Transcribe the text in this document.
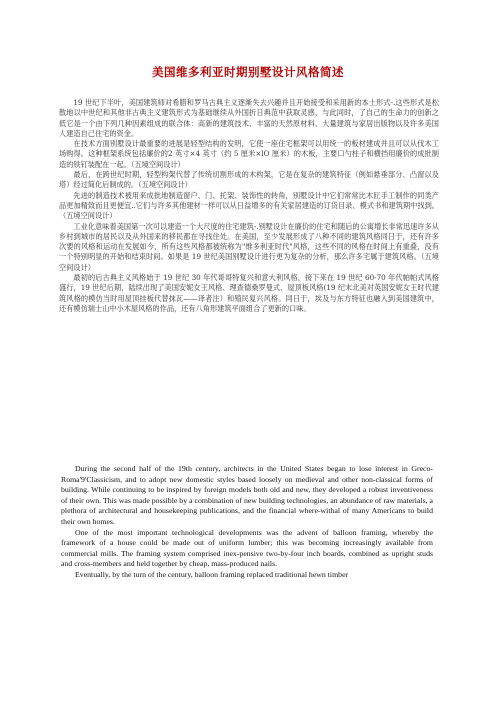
美国维多利亚时期别墅设计风格简述

19 世纪下半叶，美国建筑师对希腊和罗马古典主义逐渐失去兴趣并且开始接受和采用新的本土形式-.这些形式是松散地以中世纪和其他非古典主义建筑形式为基础继续从外国折日典范中获取灵感，与此同时，了自己的生命力的创新之低它是一个由下列几种因素组成的联合体：高新的建筑技术、丰富的天然原材料、大量建筑与家居出版物以及许多美国人建造自己住宅的资金。

在技术方面别墅设计最重要的进展是轻型结构的发明，它使一座住宅框架可以用统一的板材建成并且可以从伐木工场购得。这种框架系统包括廉价的2 英寸×4 英寸（约 5 厘米×lO 厘米）的木板，主要口勺柱子和横挡用廉价的成批制造的铁钉装配在一起。（五境空间设计）

最后，在跨世纪时期，轻型构架代替了传统切割形成的木构架，它是在复杂的建筑特征（例如悬垂部分、凸窗以及塔）经过简化后制成的。（五境空间设计）

先进的制造技术被用来成批地制造窗户、门、托架、装饰性的转角，别墅设计中它们常常比木匠手工制作的同类产品更加精致而且更便宜..它们与许多其他建材一样可以从日益增多的有关家居建造的订货目录、模式书和建筑期中找到。（五境空间设计）

工业化意味着美国第一次可以建造一个大尺度的住宅建筑-.别墅设计在廉价的住宅和随后的公寓增长非常迅速许多从乡村到城市的居民以及从外国来的移民都在寻找住处。在美国，至少发展形成了八种不同的建筑风格同日于，还有许多次要的风格和运动在发展如今，所有这些风格都被统称为"维多利亚时代"风格，这些不同的风格在时间上有重叠，没有一个特别明显的开始和结束时间。如果是 19 世纪美国别墅设计进行更为复杂的分析，那么许多宅属于建筑风格。（五境空间设计）

最初的后古典主义风格始于 19 世纪 30 年代哥哥特复兴和意大利风格，接下来在 19 世纪 60-70 年代帕帕式风格盛行，19 世纪后期，陆续出现了美国安妮女王风格、理查德桑罗曼式、屋顶板风格(19 纪末北美对英国安妮女王时代建筑风格的模仿当时用屋顶挂板代替抹瓦——译者注）和殖民复兴风格。同日于，埃及与东方特征也融入到美国建筑中，还有模仿瑞士山中小木屋风格的作品，还有八角形建筑平面组合了更新的口味。

During the second half of the 19th century, architects in the United States began to lose interest in Greco-Roma'9'Classicism, and to adopt new domestic styles based loosely on medieval and other non-classical forms of building. While continuing to be inspired by foreign models both old and new, they developed a robust inventiveness of their own. This was made possible by a combination of new building technologies, an abundance of raw materials, a plethora of architectural and housekeeping publications, and the financial where-withal of many Americans to build their own homes.

One of the most important technological developments was the advent of balloon framing, whereby the framework of a house could be made out of uniform lumber; this was becoming increasingly available from commercial mills. The framing system comprised inex-pensive two-by-four inch boards, combined as upright studs and cross-members and held together by cheap, mass-produced nails.

Eventually, by the turn of the century, balloon framing replaced traditional hewn timber
